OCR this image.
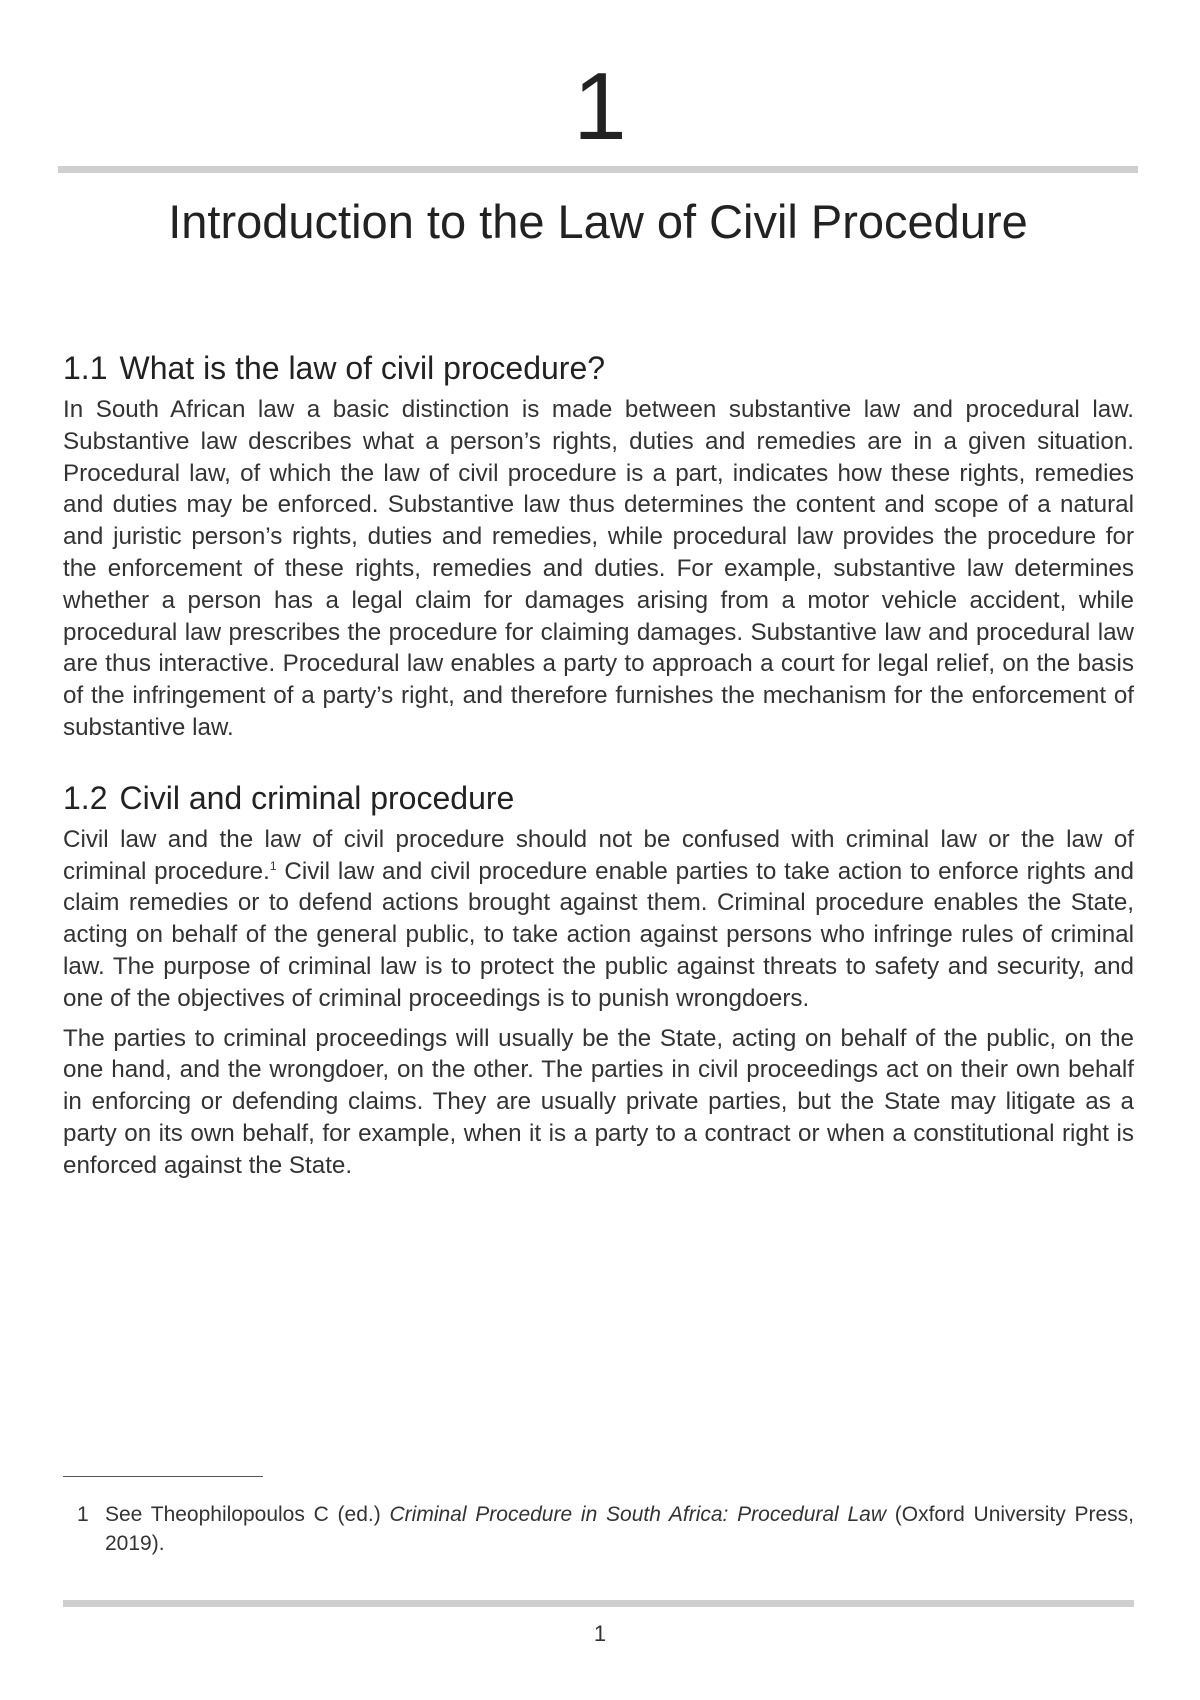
1
Introduction to the Law of Civil Procedure
1.1 What is the law of civil procedure?

In South African law a basic distinction is made between substantive law and procedural law. Substantive law describes what a person’s rights, duties and remedies are in a given situation. Procedural law, of which the law of civil procedure is a part, indicates how these rights, remedies and duties may be enforced. Substantive law thus determines the content and scope of a natural and juristic person’s rights, duties and remedies, while procedural law provides the procedure for the enforcement of these rights, remedies and duties. For example, substantive law determines whether a person has a legal claim for damages arising from a motor vehicle accident, while procedural law prescribes the procedure for claiming damages. Substantive law and procedural law are thus interactive. Procedural law enables a party to approach a court for legal relief, on the basis of the infringement of a party’s right, and therefore furnishes the mechanism for the enforcement of substantive law.

1.2 Civil and criminal procedure

Civil law and the law of civil procedure should not be confused with criminal law or the law of criminal procedure.$^1$ Civil law and civil procedure enable parties to take action to enforce rights and claim remedies or to defend actions brought against them. Criminal procedure enables the State, acting on behalf of the general public, to take action against persons who infringe rules of criminal law. The purpose of criminal law is to protect the public against threats to safety and security, and one of the objectives of criminal proceedings is to punish wrongdoers.

The parties to criminal proceedings will usually be the State, acting on behalf of the public, on the one hand, and the wrongdoer, on the other. The parties in civil proceedings act on their own behalf in enforcing or defending claims. They are usually private parties, but the State may litigate as a party on its own behalf, for example, when it is a party to a contract or when a constitutional right is enforced against the State.

1 See Theophilopoulos C (ed.) Criminal Procedure in South Africa: Procedural Law (Oxford University Press, 2019).
1
